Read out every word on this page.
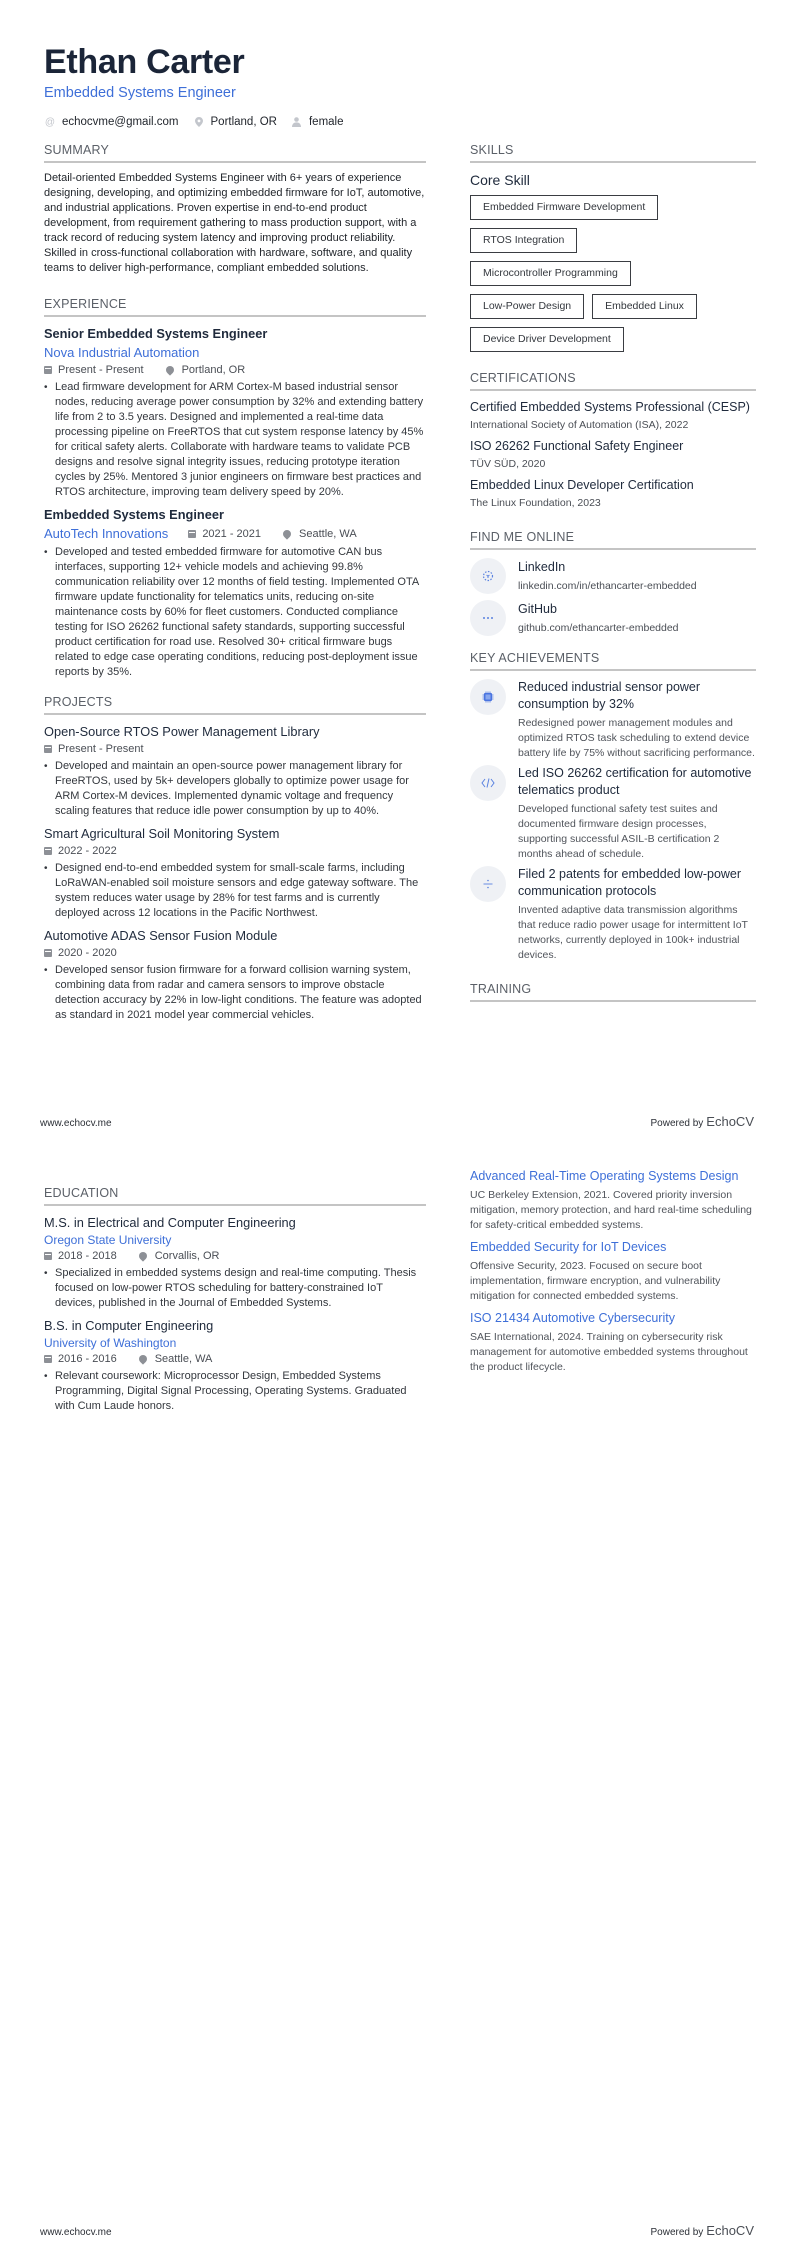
Ethan Carter
Embedded Systems Engineer
@ echocvme@gmail.com	Portland, OR	female
SUMMARY

Detail-oriented Embedded Systems Engineer with 6+ years of experience designing, developing, and optimizing embedded firmware for IoT, automotive, and industrial applications. Proven expertise in end-to-end product development, from requirement gathering to mass production support, with a track record of reducing system latency and improving product reliability. Skilled in cross-functional collaboration with hardware, software, and quality teams to deliver high-performance, compliant embedded solutions.

EXPERIENCE
Senior Embedded Systems Engineer
Nova Industrial Automation
Present - Present	Portland, OR
• Lead firmware development for ARM Cortex-M based industrial sensor nodes, reducing average power consumption by 32% and extending battery life from 2 to 3.5 years. Designed and implemented a real-time data processing pipeline on FreeRTOS that cut system response latency by 45% for critical safety alerts. Collaborate with hardware teams to validate PCB designs and resolve signal integrity issues, reducing prototype iteration cycles by 25%. Mentored 3 junior engineers on firmware best practices and RTOS architecture, improving team delivery speed by 20%.
Embedded Systems Engineer
AutoTech Innovations	2021 - 2021	Seattle, WA
• Developed and tested embedded firmware for automotive CAN bus interfaces, supporting 12+ vehicle models and achieving 99.8% communication reliability over 12 months of field testing. Implemented OTA firmware update functionality for telematics units, reducing on-site maintenance costs by 60% for fleet customers. Conducted compliance testing for ISO 26262 functional safety standards, supporting successful product certification for road use. Resolved 30+ critical firmware bugs related to edge case operating conditions, reducing post-deployment issue reports by 35%.
PROJECTS
Open-Source RTOS Power Management Library
Present - Present
• Developed and maintain an open-source power management library for FreeRTOS, used by 5k+ developers globally to optimize power usage for ARM Cortex-M devices. Implemented dynamic voltage and frequency scaling features that reduce idle power consumption by up to 40%.
Smart Agricultural Soil Monitoring System
2022 - 2022
• Designed end-to-end embedded system for small-scale farms, including LoRaWAN-enabled soil moisture sensors and edge gateway software. The system reduces water usage by 28% for test farms and is currently deployed across 12 locations in the Pacific Northwest.
Automotive ADAS Sensor Fusion Module
2020 - 2020
• Developed sensor fusion firmware for a forward collision warning system, combining data from radar and camera sensors to improve obstacle detection accuracy by 22% in low-light conditions. The feature was adopted as standard in 2021 model year commercial vehicles.
SKILLS
Core Skill
Embedded Firmware Development
RTOS Integration
Microcontroller Programming
Low-Power Design	Embedded Linux
Device Driver Development
CERTIFICATIONS
Certified Embedded Systems Professional (CESP)
International Society of Automation (ISA), 2022
ISO 26262 Functional Safety Engineer
TÜV SÜD, 2020
Embedded Linux Developer Certification
The Linux Foundation, 2023
FIND ME ONLINE
LinkedIn
linkedin.com/in/ethancarter-embedded
GitHub
github.com/ethancarter-embedded
KEY ACHIEVEMENTS
Reduced industrial sensor power consumption by 32%
Redesigned power management modules and optimized RTOS task scheduling to extend device battery life by 75% without sacrificing performance.
Led ISO 26262 certification for automotive telematics product
Developed functional safety test suites and documented firmware design processes, supporting successful ASIL-B certification 2 months ahead of schedule.
Filed 2 patents for embedded low-power communication protocols
Invented adaptive data transmission algorithms that reduce radio power usage for intermittent IoT networks, currently deployed in 100k+ industrial devices.
TRAINING
www.echocv.me	Powered by EchoCV
EDUCATION
M.S. in Electrical and Computer Engineering
Oregon State University
2018 - 2018	Corvallis, OR
• Specialized in embedded systems design and real-time computing. Thesis focused on low-power RTOS scheduling for battery-constrained IoT devices, published in the Journal of Embedded Systems.
B.S. in Computer Engineering
University of Washington
2016 - 2016	Seattle, WA
• Relevant coursework: Microprocessor Design, Embedded Systems Programming, Digital Signal Processing, Operating Systems. Graduated with Cum Laude honors.
Advanced Real-Time Operating Systems Design
UC Berkeley Extension, 2021. Covered priority inversion mitigation, memory protection, and hard real-time scheduling for safety-critical embedded systems.
Embedded Security for IoT Devices
Offensive Security, 2023. Focused on secure boot implementation, firmware encryption, and vulnerability mitigation for connected embedded systems.
ISO 21434 Automotive Cybersecurity
SAE International, 2024. Training on cybersecurity risk management for automotive embedded systems throughout the product lifecycle.
www.echocv.me	Powered by EchoCV
